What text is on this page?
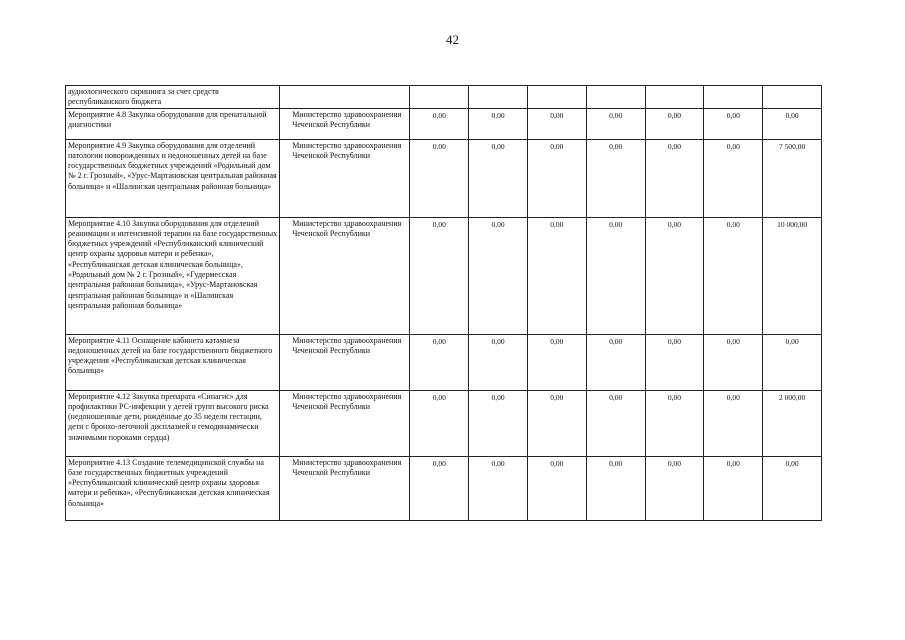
42
аудиологического скрининга за счет средств республиканского бюджета		

Мероприятие 4.8 Закупка оборудования для пренатальной диагностики	Министерство здравоохранения Чеченской Республики	0,00	0,00	0,00	0,00	0,00	0,00	0,00

Мероприятие 4.9 Закупка оборудования для отделений патологии новорожденных и недоношенных детей на базе государственных бюджетных учреждений «Родильный дом № 2 г. Грозный», «Урус-Мартановская центральная районная больница» и «Шалинская центральная районная больница»	Министерство здравоохранения Чеченской Республики	0,00	0,00	0,00	0,00	0,00	0,00	7 500,00

Мероприятие 4.10 Закупка оборудования для отделений реанимации и интенсивной терапии на базе государственных бюджетных учреждений «Республиканский клинический центр охраны здоровья матери и ребенка», «Республиканская детская клиническая больница», «Родильный дом № 2 г. Грозный», «Гудермесская центральная районная больница», «Урус-Мартановская центральная районная больница» и «Шалинская центральная районная больница»	Министерство здравоохранения Чеченской Республики	0,00	0,00	0,00	0,00	0,00	0,00	10 000,00

Мероприятие 4.11 Оснащение кабинета катамнеза недоношенных детей на базе государственного бюджетного учреждения «Республиканская детская клиническая больница»	Министерство здравоохранения Чеченской Республики	0,00	0,00	0,00	0,00	0,00	0,00	0,00

Мероприятие 4.12 Закупка препарата «Синагис» для профилактики РС-инфекции у детей групп высокого риска (недоношенные дети, рождённые до 35 недели гестации, дети с бронхо-легочной дисплазией и гемодинамически значимыми пороками сердца)	Министерство здравоохранения Чеченской Республики	0,00	0,00	0,00	0,00	0,00	0,00	2 000,00

Мероприятие 4.13 Создание телемедицинской службы на базе государственных бюджетных учреждений «Республиканский клинический центр охраны здоровья матери и ребенка», «Республиканская детская клиническая больница»	Министерство здравоохранения Чеченской Республики	0,00	0,00	0,00	0,00	0,00	0,00	0,00
